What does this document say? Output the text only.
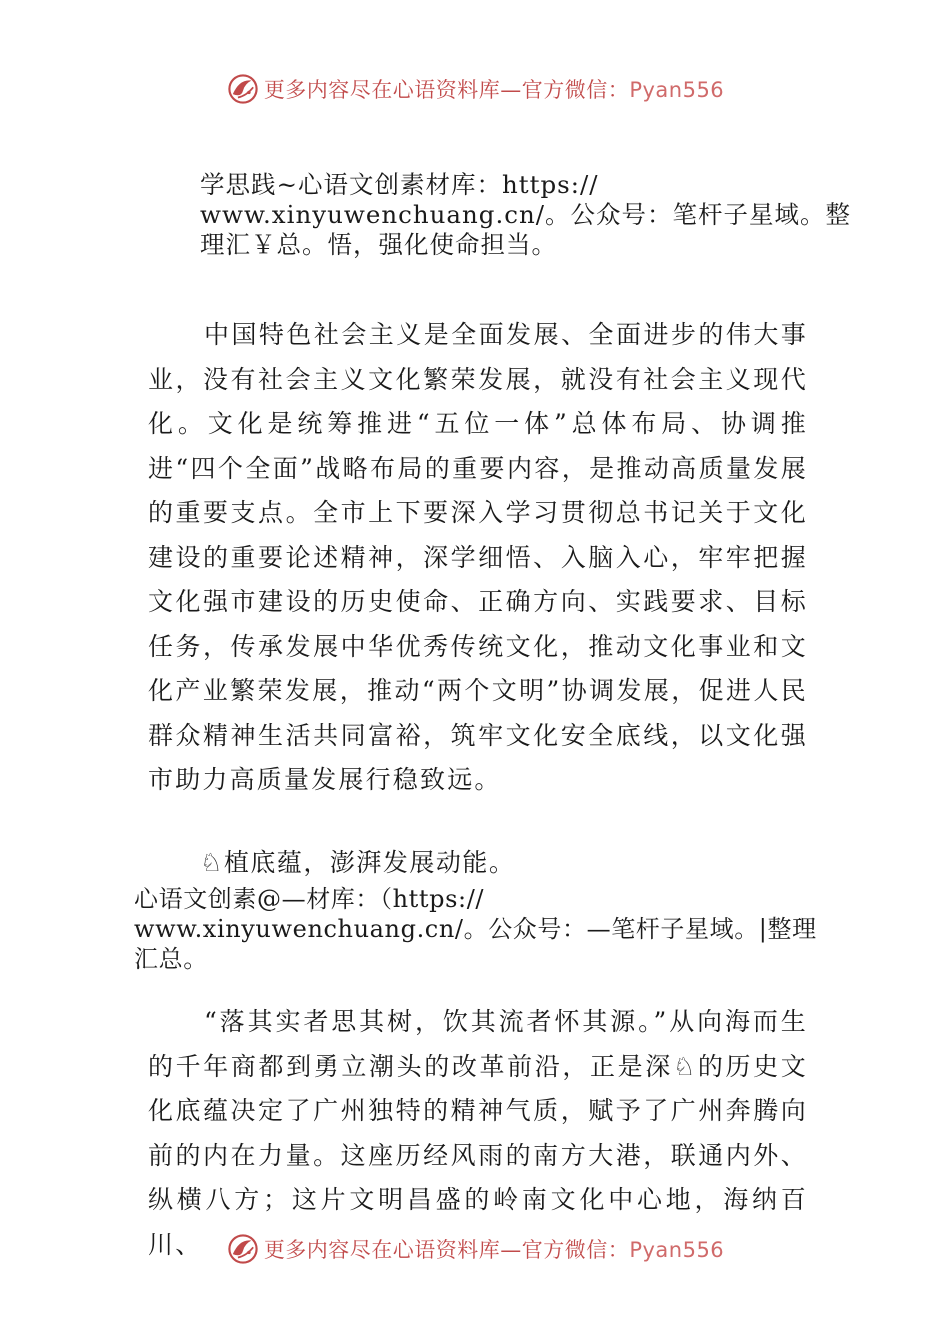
更多内容尽在心语资料库—官方微信：Pyan556
学思践~心语文创素材库：https://
www.xinyuwenchuang.cn/。公众号：笔杆子星域。整
理汇￥总。悟，强化使命担当。
中国特色社会主义是全面发展、全面进步的伟大事业，没有社会主义文化繁荣发展，就没有社会主义现代化。文化是统筹推进“五位一体”总体布局、协调推进“四个全面”战略布局的重要内容，是推动高质量发展的重要支点。全市上下要深入学习贯彻总书记关于文化建设的重要论述精神，深学细悟、入脑入心，牢牢把握文化强市建设的历史使命、正确方向、实践要求、目标任务，传承发展中华优秀传统文化，推动文化事业和文化产业繁荣发展，推动“两个文明”协调发展，促进人民群众精神生活共同富裕，筑牢文化安全底线，以文化强市助力高质量发展行稳致远。
♘植底蕴，澎湃发展动能。
心语文创素@—材库：（https://
www.xinyuwenchuang.cn/。公众号：—笔杆子星域。|整理
汇总。
“落其实者思其树，饮其流者怀其源。”从向海而生的千年商都到勇立潮头的改革前沿，正是深♘的历史文化底蕴决定了广州独特的精神气质，赋予了广州奔腾向前的内在力量。这座历经风雨的南方大港，联通内外、纵横八方；这片文明昌盛的岭南文化中心地，海纳百川、	更多内容尽在心语资料库—官方微信：Pyan556
